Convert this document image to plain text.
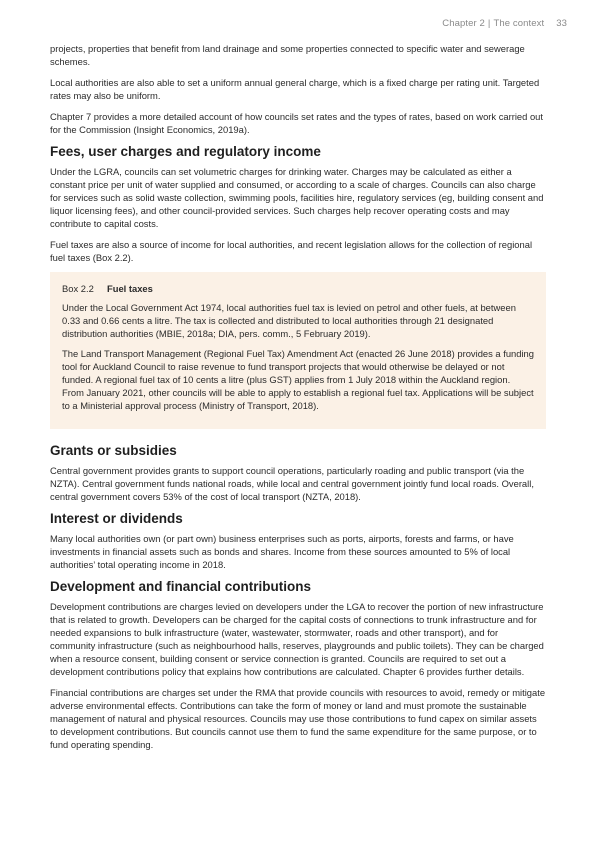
Chapter 2 | The context 33

projects, properties that benefit from land drainage and some properties connected to specific water and sewerage schemes.

Local authorities are also able to set a uniform annual general charge, which is a fixed charge per rating unit. Targeted rates may also be uniform.

Chapter 7 provides a more detailed account of how councils set rates and the types of rates, based on work carried out for the Commission (Insight Economics, 2019a).

Fees, user charges and regulatory income

Under the LGRA, councils can set volumetric charges for drinking water. Charges may be calculated as either a constant price per unit of water supplied and consumed, or according to a scale of charges. Councils can also charge for services such as solid waste collection, swimming pools, facilities hire, regulatory services (eg, building consent and liquor licensing fees), and other council-provided services. Such charges help recover operating costs and may contribute to capital costs.

Fuel taxes are also a source of income for local authorities, and recent legislation allows for the collection of regional fuel taxes (Box 2.2).

Box 2.2 Fuel taxes

Under the Local Government Act 1974, local authorities fuel tax is levied on petrol and other fuels, at between 0.33 and 0.66 cents a litre. The tax is collected and distributed to local authorities through 21 designated distribution authorities (MBIE, 2018a; DIA, pers. comm., 5 February 2019).

The Land Transport Management (Regional Fuel Tax) Amendment Act (enacted 26 June 2018) provides a funding tool for Auckland Council to raise revenue to fund transport projects that would otherwise be delayed or not funded. A regional fuel tax of 10 cents a litre (plus GST) applies from 1 July 2018 within the Auckland region. From January 2021, other councils will be able to apply to establish a regional fuel tax. Applications will be subject to a Ministerial approval process (Ministry of Transport, 2018).

Grants or subsidies

Central government provides grants to support council operations, particularly roading and public transport (via the NZTA). Central government funds national roads, while local and central government jointly fund local roads. Overall, central government covers 53% of the cost of local transport (NZTA, 2018).

Interest or dividends

Many local authorities own (or part own) business enterprises such as ports, airports, forests and farms, or have investments in financial assets such as bonds and shares. Income from these sources amounted to 5% of local authorities’ total operating income in 2018.

Development and financial contributions

Development contributions are charges levied on developers under the LGA to recover the portion of new infrastructure that is related to growth. Developers can be charged for the capital costs of connections to trunk infrastructure and for needed expansions to bulk infrastructure (water, wastewater, stormwater, roads and other transport), and for community infrastructure (such as neighbourhood halls, reserves, playgrounds and public toilets). They can be charged when a resource consent, building consent or service connection is granted. Councils are required to set out a development contributions policy that explains how contributions are calculated. Chapter 6 provides further details.

Financial contributions are charges set under the RMA that provide councils with resources to avoid, remedy or mitigate adverse environmental effects. Contributions can take the form of money or land and must promote the sustainable management of natural and physical resources. Councils may use those contributions to fund capex on similar assets to development contributions. But councils cannot use them to fund the same expenditure for the same purpose, or to fund operating spending.
